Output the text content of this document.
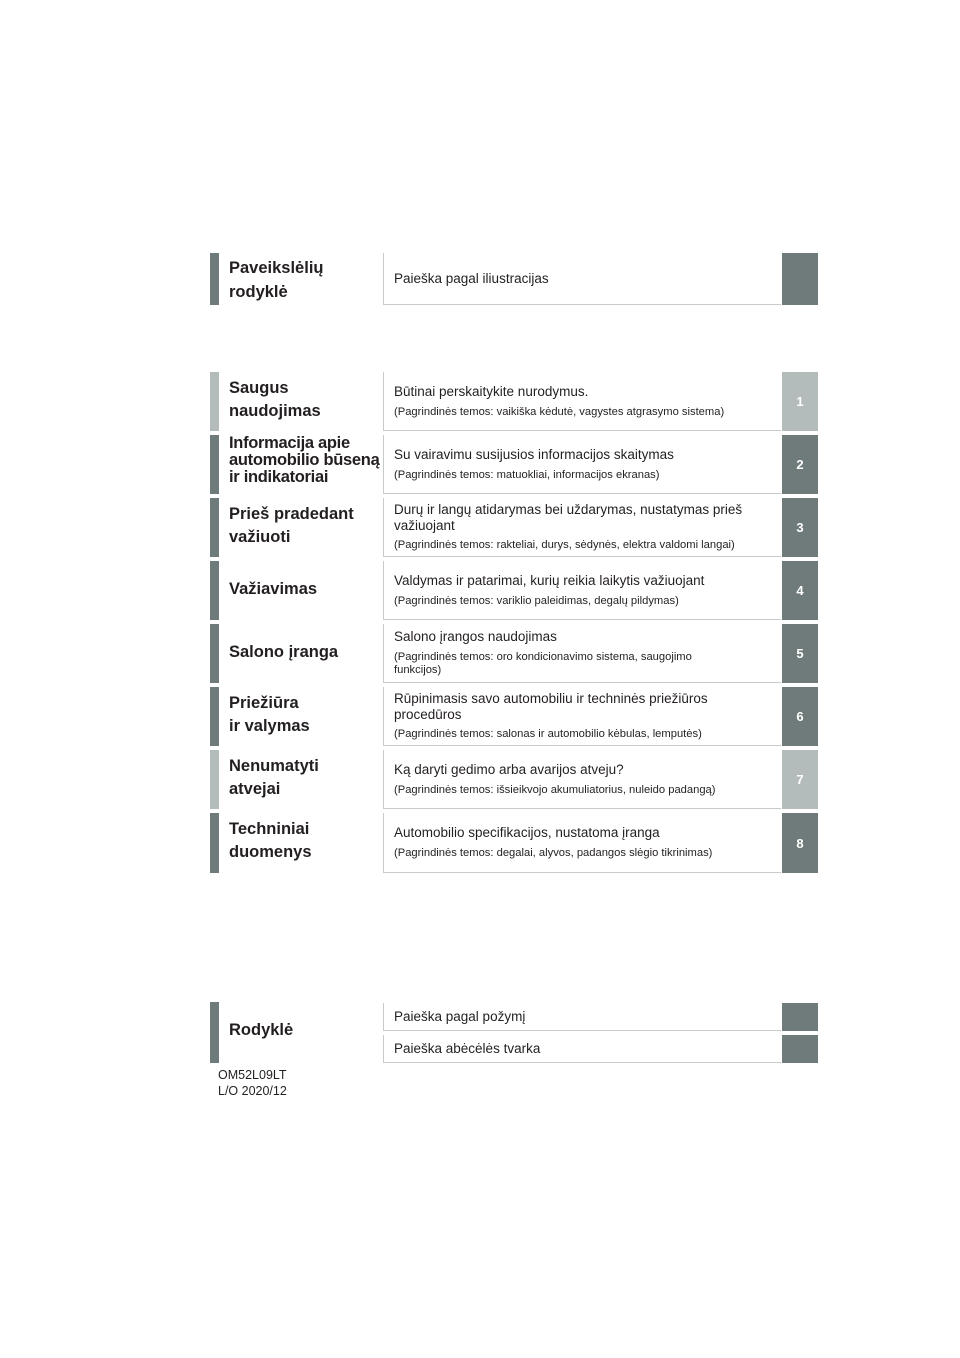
Paveikslėlių
rodyklė
Paieška pagal iliustracijas
Saugus
naudojimas
Būtinai perskaitykite nurodymus.
(Pagrindinės temos: vaikiška kėdutė, vagystes atgrasymo sistema)
1
Informacija apie
automobilio būseną
ir indikatoriai
Su vairavimu susijusios informacijos skaitymas
(Pagrindinės temos: matuokliai, informacijos ekranas)
2
Prieš pradedant
važiuoti
Durų ir langų atidarymas bei uždarymas, nustatymas prieš važiuojant
(Pagrindinės temos: rakteliai, durys, sėdynės, elektra valdomi langai)
3
Važiavimas	Valdymas ir patarimai, kurių reikia laikytis važiuojant
(Pagrindinės temos: variklio paleidimas, degalų pildymas)
4
Salono įranga
Salono įrangos naudojimas
(Pagrindinės temos: oro kondicionavimo sistema, saugojimo funkcijos)
5
Priežiūra
ir valymas
Rūpinimasis savo automobiliu ir techninės priežiūros procedūros
(Pagrindinės temos: salonas ir automobilio kėbulas, lemputės)
6
Nenumatyti
atvejai
Ką daryti gedimo arba avarijos atveju?
(Pagrindinės temos: išsieikvojo akumuliatorius, nuleido padangą)
7
Techniniai
duomenys
Automobilio specifikacijos, nustatoma įranga
(Pagrindinės temos: degalai, alyvos, padangos slėgio tikrinimas)
8
Rodyklė
Paieška pagal požymį
Paieška abėcėlės tvarka
OM52L09LT
L/O 2020/12
